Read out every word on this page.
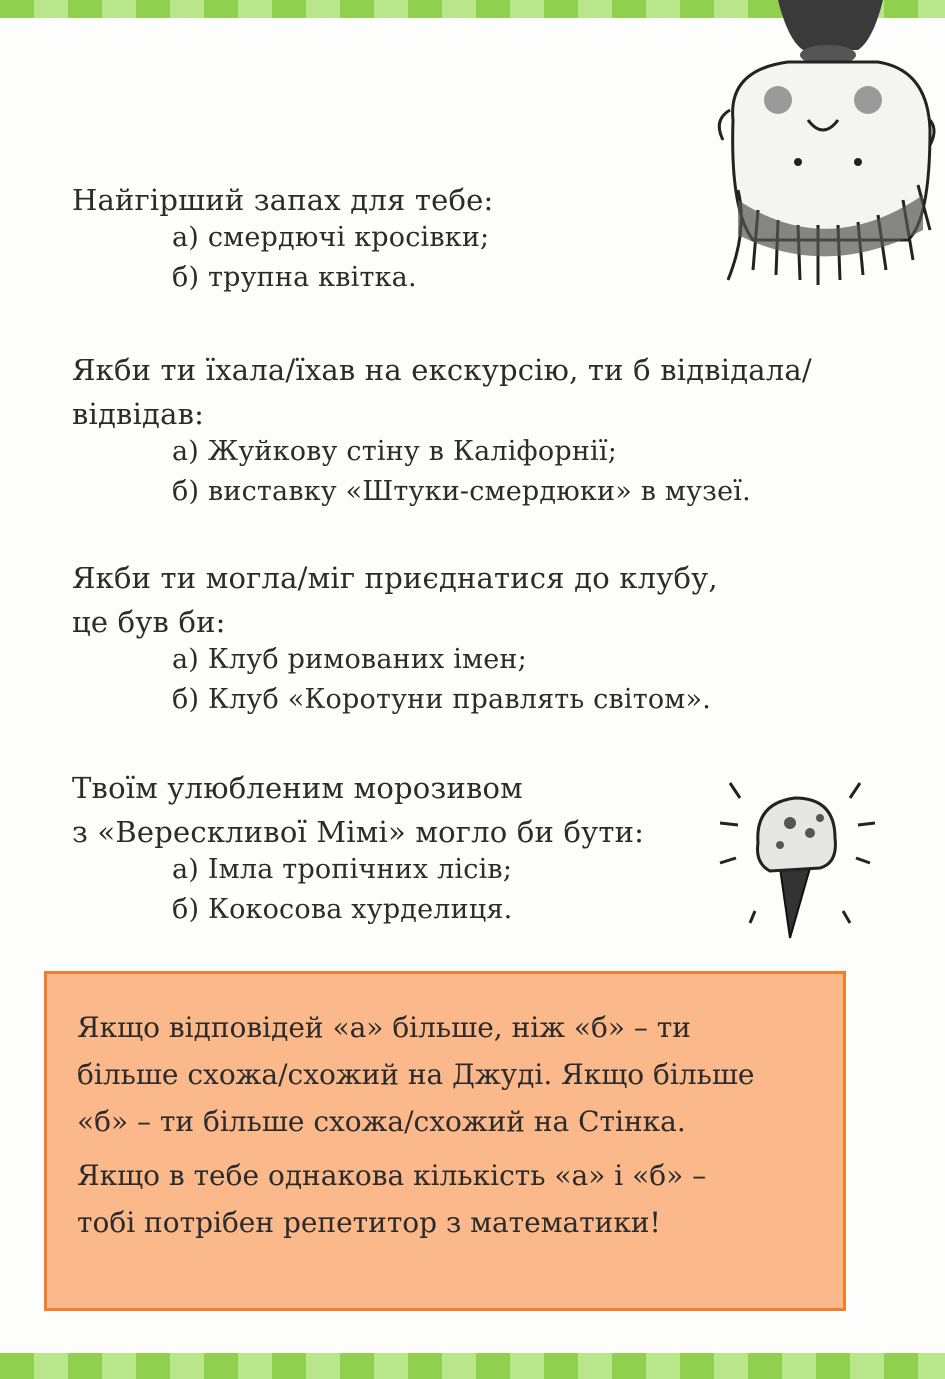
Найгірший запах для тебе:
а) смердючі кросівки;
б) трупна квітка.
Якби ти їхала/їхав на екскурсію, ти б відвідала/
відвідав:
а) Жуйкову стіну в Каліфорнії;
б) виставку «Штуки-смердюки» в музеї.
Якби ти могла/міг приєднатися до клубу,
це був би:
а) Клуб римованих імен;
б) Клуб «Коротуни правлять світом».
Твоїм улюбленим морозивом
з «Верескливої Мімі» могло би бути:
а) Імла тропічних лісів;
б) Кокосова хурделиця.

Якщо відповідей «а» більше, ніж «б» – ти
більше схожа/схожий на Джуді. Якщо більше
«б» – ти більше схожа/схожий на Стінка.

Якщо в тебе однакова кількість «а» і «б» –
тобі потрібен репетитор з математики!
